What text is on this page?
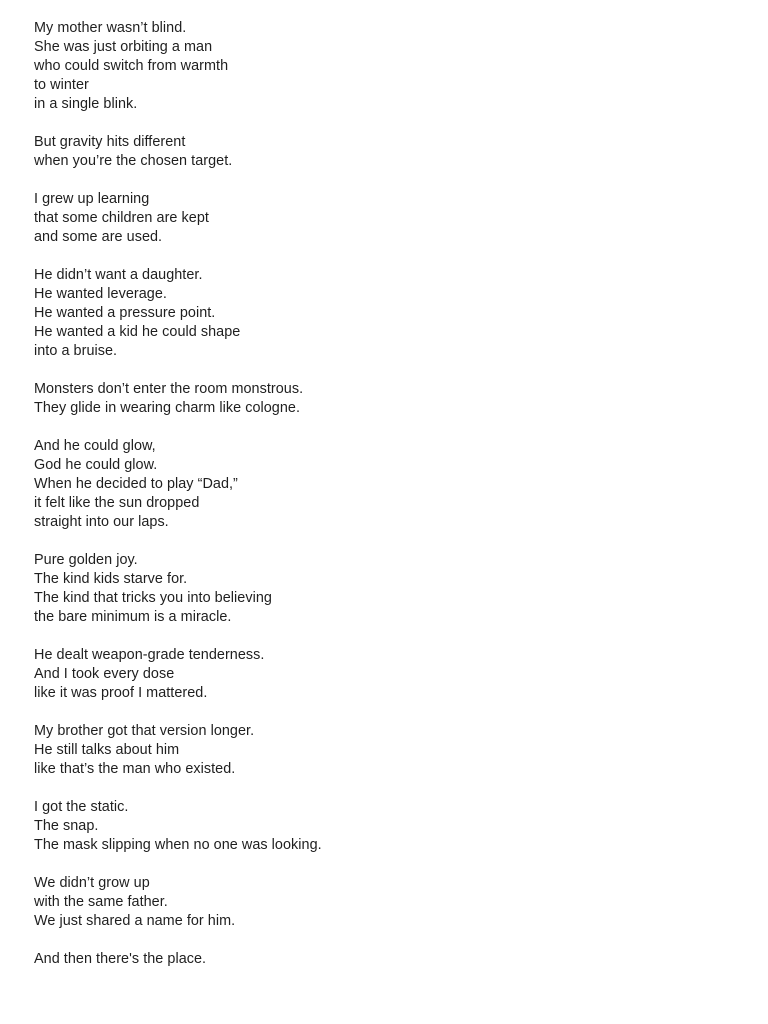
My mother wasn’t blind.
She was just orbiting a man
who could switch from warmth
to winter
in a single blink.
But gravity hits different
when you’re the chosen target.
I grew up learning
that some children are kept
and some are used.
He didn’t want a daughter.
He wanted leverage.
He wanted a pressure point.
He wanted a kid he could shape
into a bruise.
Monsters don’t enter the room monstrous.
They glide in wearing charm like cologne.
And he could glow,
God he could glow.
When he decided to play “Dad,”
it felt like the sun dropped
straight into our laps.
Pure golden joy.
The kind kids starve for.
The kind that tricks you into believing
the bare minimum is a miracle.
He dealt weapon-grade tenderness.
And I took every dose
like it was proof I mattered.
My brother got that version longer.
He still talks about him
like that’s the man who existed.
I got the static.
The snap.
The mask slipping when no one was looking.
We didn’t grow up
with the same father.
We just shared a name for him.
And then there's the place.
